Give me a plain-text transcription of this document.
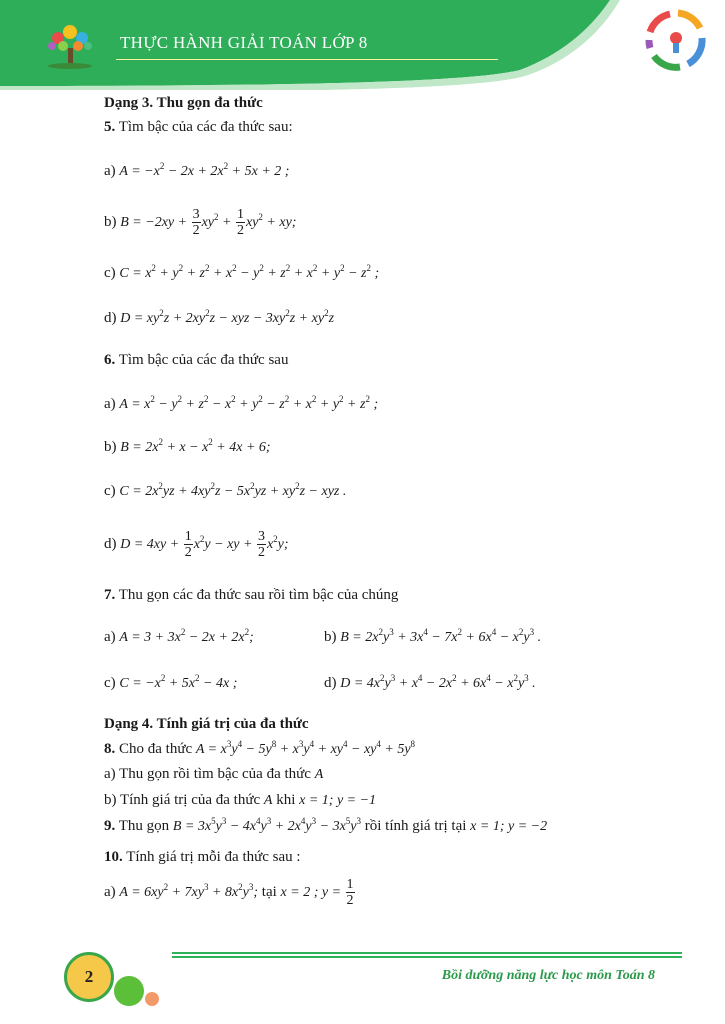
THỰC HÀNH GIẢI TOÁN LỚP 8
Dạng 3. Thu gọn đa thức
5. Tìm bậc của các đa thức sau:
a) $A = -x^2 - 2x + 2x^2 + 5x + 2$ ;
b) $B = -2xy + \frac{3}{2} xy^2 + \frac{1}{2} xy^2$ + xy;
c) $C = x^2 + y^2 + z^2 + x^2 - y^2 + z^2 + x^2 + y^2 - z^2$ ;
d) $D = xy^2z + 2xy^2z$ − xyz − $3xy^2z + xy^2z$
6. Tìm bậc của các đa thức sau
a) $A = x^2 - y^2 + z^2 - x^2 + y^2 - z^2 + x^2 + y^2 + z^2$ ;
b) $B = 2x^2 + x - x^2 + 4x + 6$;
c) $C = 2x^2yz + 4xy^2z - 5x^2yz + xy^2z$ − xyz .
d) $D = 4xy + \frac{1}{2} x^2y$ − xy + $\frac{3}{2} x^2y$;
7. Thu gọn các đa thức sau rồi tìm bậc của chúng
a) $A = 3 + 3x^2 - 2x + 2x^2$;	b) $B = 2x^2y^3 + 3x^4 - 7x^2 + 6x^4 - x^2y^3$ .
c) $C = -x^2 + 5x^2 - 4x$ ;	d) $D = 4x^2y^3 + x^4 - 2x^2 + 6x^4 - x^2y^3$ .
Dạng 4. Tính giá trị của đa thức
8. Cho đa thức $A = x^3y^4 - 5y^8 + x^3y^4 + xy^4 - xy^4 + 5y^8$
a) Thu gọn rồi tìm bậc của đa thức A
b) Tính giá trị của đa thức A khi x = 1; y = −1
9. Thu gọn $B = 3x^5y^3 - 4x^4y^3 + 2x^4y^3 - 3x^5y^3$ rồi tính giá trị tại x = 1; y = −2
10. Tính giá trị mỗi đa thức sau :
a) $A = 6xy^2 + 7xy^3 + 8x^2y^3$; tại x = 2 ; $y = \frac{1}{2}$
2	Bồi dưỡng năng lực học môn Toán 8
